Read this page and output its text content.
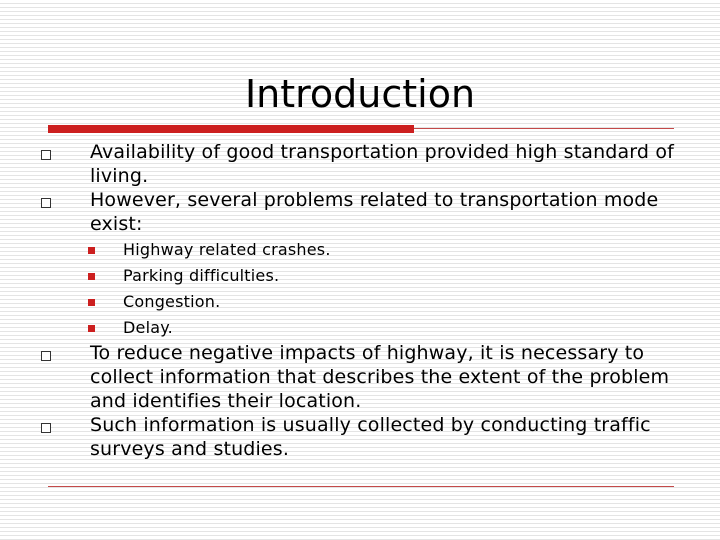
Introduction

Availability of good transportation provided high standard of living.

However, several problems related to transportation mode exist:

Highway related crashes.

Parking difficulties.

Congestion.

Delay.

To reduce negative impacts of highway, it is necessary to collect information that describes the extent of the problem and identifies their location.

Such information is usually collected by conducting traffic surveys and studies.
